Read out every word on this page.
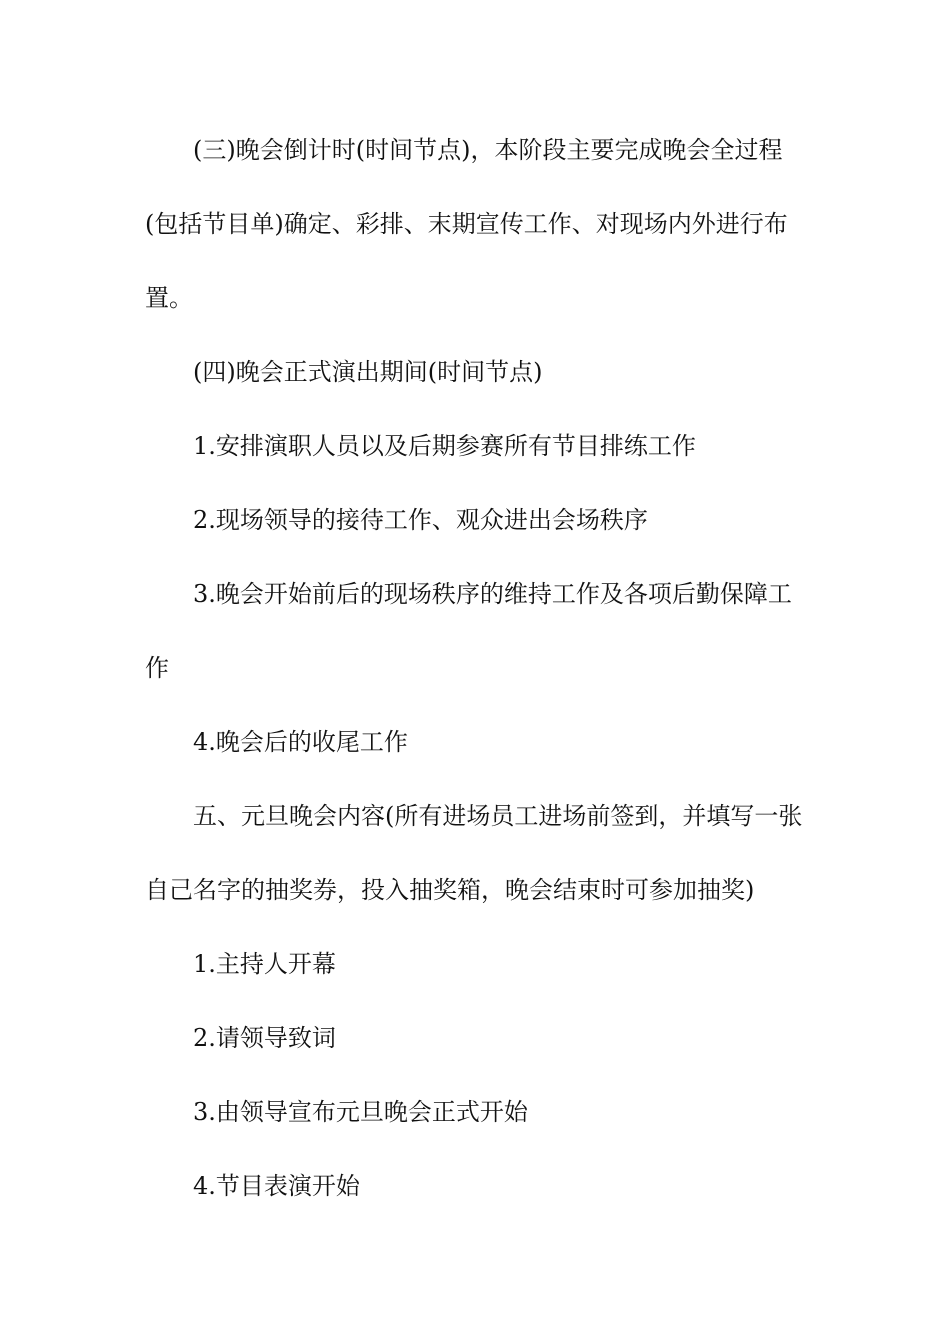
(三)晚会倒计时(时间节点)，本阶段主要完成晚会全过程
(包括节目单)确定、彩排、末期宣传工作、对现场内外进行布
置。
(四)晚会正式演出期间(时间节点)
1.安排演职人员以及后期参赛所有节目排练工作
2.现场领导的接待工作、观众进出会场秩序
3.晚会开始前后的现场秩序的维持工作及各项后勤保障工
作
4.晚会后的收尾工作
五、元旦晚会内容(所有进场员工进场前签到，并填写一张
自己名字的抽奖券，投入抽奖箱，晚会结束时可参加抽奖)
1.主持人开幕
2.请领导致词
3.由领导宣布元旦晚会正式开始
4.节目表演开始
